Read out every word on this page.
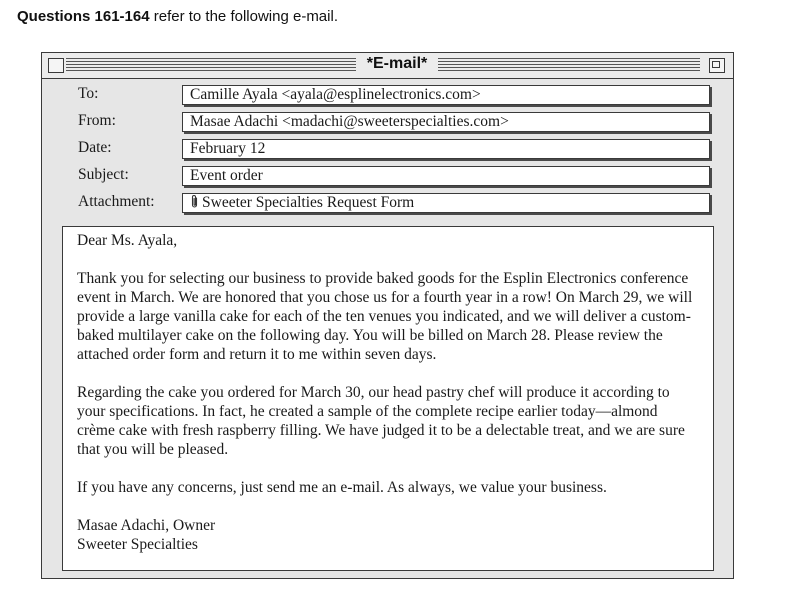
Questions 161-164 refer to the following e-mail.
*E-mail*
To:	Camille Ayala <ayala@esplinelectronics.com>
From:	Masae Adachi <madachi@sweeterspecialties.com>
Date:	February 12
Subject:	Event order
Attachment:	Sweeter Specialties Request Form

Dear Ms. Ayala,

Thank you for selecting our business to provide baked goods for the Esplin Electronics conference event in March. We are honored that you chose us for a fourth year in a row! On March 29, we will provide a large vanilla cake for each of the ten venues you indicated, and we will deliver a custom-baked multilayer cake on the following day. You will be billed on March 28. Please review the attached order form and return it to me within seven days.

Regarding the cake you ordered for March 30, our head pastry chef will produce it according to your specifications. In fact, he created a sample of the complete recipe earlier today—almond crème cake with fresh raspberry filling. We have judged it to be a delectable treat, and we are sure that you will be pleased.

If you have any concerns, just send me an e-mail. As always, we value your business.

Masae Adachi, Owner

Sweeter Specialties
